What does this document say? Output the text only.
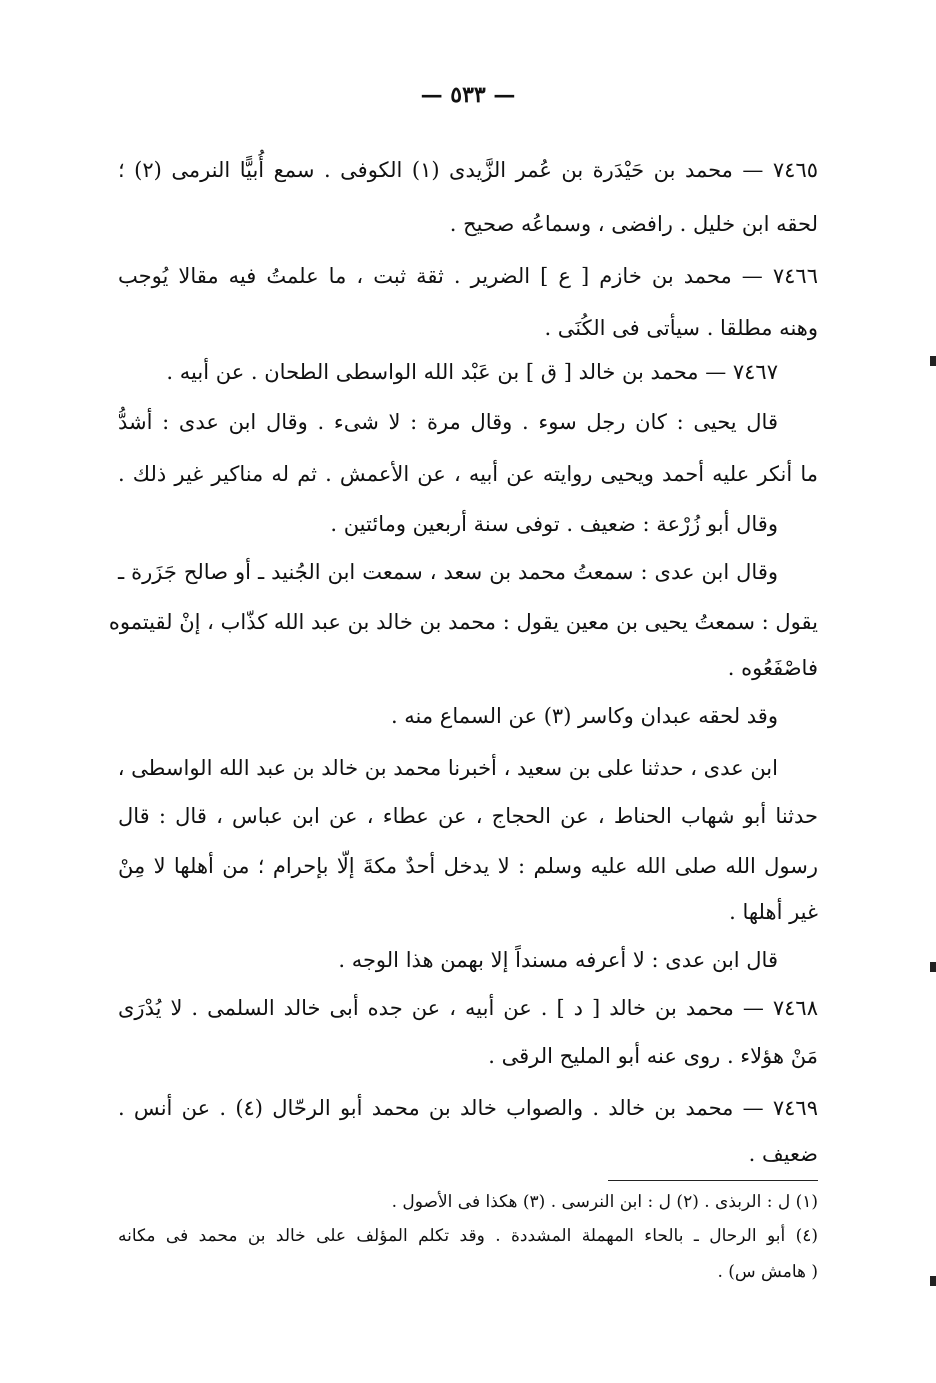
— ٥٣٣ —
٧٤٦٥ — محمد بن حَيْدَرة بن عُمر الزَّيدى (١) الكوفى . سمع أُبيًّا النرمى (٢) ؛
لحقه ابن خليل . رافضى ، وسماعُه صحيح .
٧٤٦٦ — محمد بن خازم [ ع ] الضرير . ثقة ثبت ، ما علمتُ فيه مقالا يُوجب
وهنه مطلقا . سيأتى فى الكُنَى .
٧٤٦٧ — محمد بن خالد [ ق ] بن عَبْد الله الواسطى الطحان . عن أبيه .
قال يحيى : كان رجل سوء . وقال مرة : لا شىء . وقال ابن عدى : أشدُّ
ما أنكر عليه أحمد ويحيى روايته عن أبيه ، عن الأعمش . ثم له مناكير غير ذلك .
وقال أبو زُرْعة : ضعيف . توفى سنة أربعين ومائتين .
وقال ابن عدى : سمعتُ محمد بن سعد ، سمعت ابن الجُنيد ـ أو صالح جَزَرة ـ
يقول : سمعتُ يحيى بن معين يقول : محمد بن خالد بن عبد الله كذّاب ، إنْ لقيتموه
فاصْفَعُوه .
وقد لحقه عبدان وكاسر (٣) عن السماع منه .
ابن عدى ، حدثنا على بن سعيد ، أخبرنا محمد بن خالد بن عبد الله الواسطى ،
حدثنا أبو شهاب الحناط ، عن الحجاج ، عن عطاء ، عن ابن عباس ، قال : قال
رسول الله صلى الله عليه وسلم : لا يدخل أحدٌ مكةَ إلّا بإحرام ؛ من أهلها لا مِنْ
غير أهلها .
قال ابن عدى : لا أعرفه مسنداً إلا بهمن هذا الوجه .
٧٤٦٨ — محمد بن خالد [ د ] . عن أبيه ، عن جده أبى خالد السلمى . لا يُدْرَى
مَنْ هؤلاء . روى عنه أبو المليح الرقى .
٧٤٦٩ — محمد بن خالد . والصواب خالد بن محمد أبو الرحّال (٤) . عن أنس .
ضعيف .
(١) ل : الربذى . (٢) ل : ابن النرسى . (٣) هكذا فى الأصول .
(٤) أبو الرحال ـ بالحاء المهملة المشددة . وقد تكلم المؤلف على خالد بن محمد فى مكانه
( هامش س) .
